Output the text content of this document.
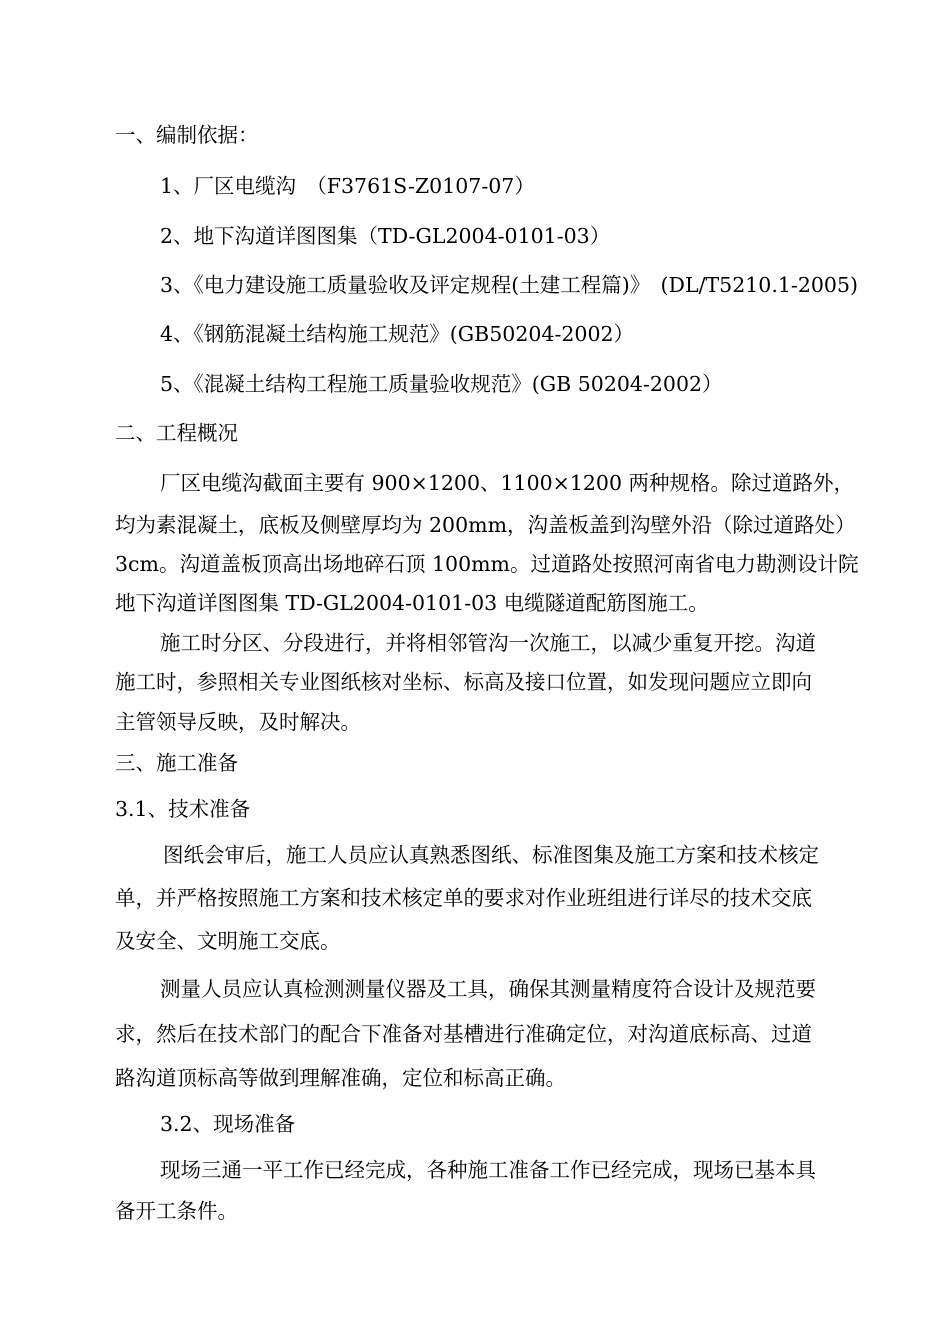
一、编制依据：
1、厂区电缆沟　（F3761S-Z0107-07）
2、地下沟道详图图集（TD-GL2004-0101-03）
3、《电力建设施工质量验收及评定规程(土建工程篇)》　(DL/T5210.1-2005)
4、《钢筋混凝土结构施工规范》(GB50204-2002）
5、《混凝土结构工程施工质量验收规范》(GB 50204-2002）
二、工程概况
厂区电缆沟截面主要有 900×1200、1100×1200 两种规格。除过道路外，
均为素混凝土，底板及侧壁厚均为 200mm，沟盖板盖到沟壁外沿（除过道路处）
3cm。沟道盖板顶高出场地碎石顶 100mm。过道路处按照河南省电力勘测设计院
地下沟道详图图集 TD-GL2004-0101-03 电缆隧道配筋图施工。
施工时分区、分段进行，并将相邻管沟一次施工，以减少重复开挖。沟道
施工时，参照相关专业图纸核对坐标、标高及接口位置，如发现问题应立即向
主管领导反映，及时解决。
三、施工准备
3.1、技术准备
图纸会审后，施工人员应认真熟悉图纸、标准图集及施工方案和技术核定
单，并严格按照施工方案和技术核定单的要求对作业班组进行详尽的技术交底
及安全、文明施工交底。
测量人员应认真检测测量仪器及工具，确保其测量精度符合设计及规范要
求，然后在技术部门的配合下准备对基槽进行准确定位，对沟道底标高、过道
路沟道顶标高等做到理解准确，定位和标高正确。
3.2、现场准备
现场三通一平工作已经完成，各种施工准备工作已经完成，现场已基本具
备开工条件。
